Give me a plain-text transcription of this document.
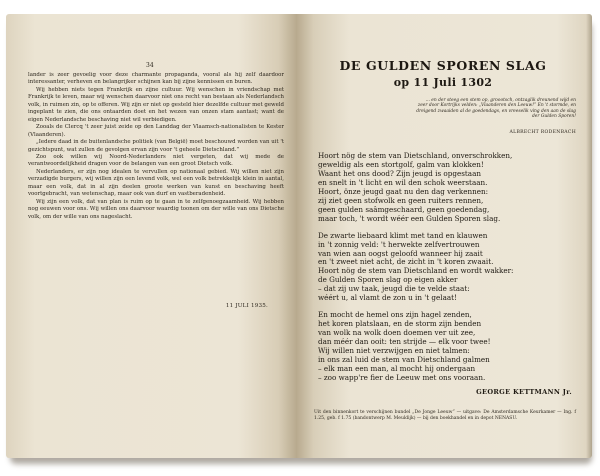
34

lander is zeer gevoelig voor deze charmante propaganda, vooral als hij zelf daardoor interessanter, verheven en belangrijker schijnen kan bij zijne kennissen en buren.

Wij hebben niets tegen Frankrijk en zijne cultuur. Wij wenschen in vriendschap met Frankrijk te leven, maar wij wenschen daarvoor niet ons recht van bestaan als Nederlandsch volk, in ruimen zin, op te offeren. Wij zijn er niet op gesteld hier dezelfde cultuur met geweld ingeplant te zien, die ons ontaarden doet en het wezen van onzen stam aantast; want de eigen Nederlandsche beschaving niet wil verbiedigen.

Zooals de Clercq 't zeer juist zeide op den Landdag der Vlaamsch-nationalisten te Kester (Vlaanderen).

„Iedere daad in de buitenlandsche politiek (van België) moet beschouwd worden van uit 't gezichtspunt, wat zullen de gevolgen ervan zijn voor 't geheele Dietschland.”

Zoo ook willen wij Noord-Nederlanders niet vergeten, dat wij mede de verantwoordelijkheid dragen voor de belangen van een groot Dietsch volk.

Nederlanders, er zijn nog idealen te vervullen op nationaal gebied. Wij willen niet zijn verzadigde burgers, wij willen zijn een levend volk, wel een volk betrekkelijk klein in aantal, maar een volk, dat in al zijn deelen groote werken van kunst en beschaving heeft voortgebracht, van wetenschap, maar ook van durf en vastberadenheid.

Wij zijn een volk, dat van plan is ruim op te gaan in te zelfgenoegzaamheid. Wij hebben nog eeuwen voor ons. Wij willen ons daarvoor waardig toonen om der wille van ons Dietsche volk, om der wille van ons nageslacht.

11 JULI 1935.
DE GULDEN SPOREN SLAG
op 11 Juli 1302
... en der steeg een stem op, groootsch, ontzaglik dreunend wijd en zeer door Kortrijks velden: „Vlaanderen den Leeuw!” En 't stormde, en dreigend zwaaiden al de goedendags, en vreeselik ving den aan de slag der Gulden Sporen!
ALBRECHT RODENBACH
Hoort nög de stem van Dietschland, onverschrokken,
geweldig als een stortgolf, galm van klokken!
Waant het ons dood? Zijn jeugd is opgestaan
en snelt in 't licht en wil den schok weerstaan.
Hoort, önze jeugd gaat nu den dag verkennen:
zij ziet geen stofwolk en geen ruiters rennen,
geen gulden saâmgeschaard, geen goedendag,
maar toch, 't wordt wéér een Gulden Sporen slag.
De zwarte liebaard klimt met tand en klauwen
in 't zonnig veld: 't herwekte zelfvertrouwen
van wien aan oogst geloofd wanneer hij zaait
en 't zweet niet acht, de zicht in 't koren zwaait.
Hoort nög de stem van Dietschland en wordt wakker:
de Gulden Sporen slag op eigen akker
– dat zij uw taak, jeugd die te velde staat:
wéért u, al vlamt de zon u in 't gelaat!
En mocht de hemel ons zijn hagel zenden,
het koren platslaan, en de storm zijn benden
van wolk na wolk doen doemen ver uit zee,
dan méér dan ooit: ten strijde — elk voor twee!
Wij willen niet verzwijgen en niet talmen:
in ons zal luid de stem van Dietschland galmen
– elk man een man, al mocht hij ondergaan
– zoo wapp're fier de Leeuw met ons vooraan.
GEORGE KETTMANN Jr.
Uit den binnenkort te verschijnen bundel „De Jonge Leeuw” — uitgave: De Amsterdamsche Keurkamer — Ing. f 1.25, geb. f 1.75 (bandontwerp M. Meuldijk) — bij den boekhandel en in depot NENASU.
